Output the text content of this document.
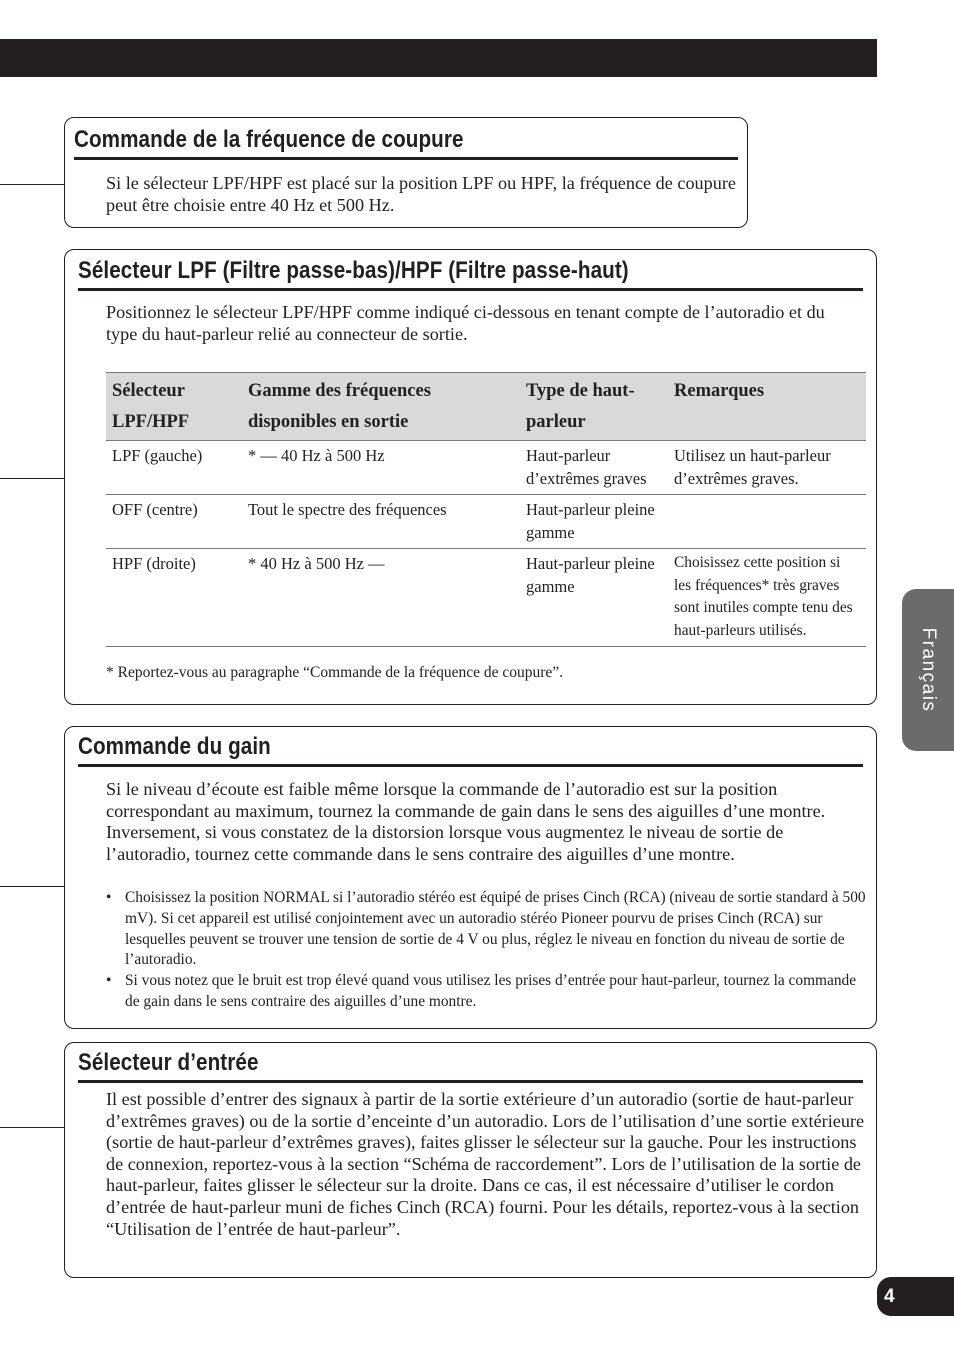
Commande de la fréquence de coupure

Si le sélecteur LPF/HPF est placé sur la position LPF ou HPF, la fréquence de coupure peut être choisie entre 40 Hz et 500 Hz.

Sélecteur LPF (Filtre passe-bas)/HPF (Filtre passe-haut)

Positionnez le sélecteur LPF/HPF comme indiqué ci-dessous en tenant compte de l’autoradio et du type du haut-parleur relié au connecteur de sortie.

Sélecteur LPF/HPF	Gamme des fréquences disponibles en sortie	Type de haut-parleur	Remarques
LPF (gauche)	* — 40 Hz à 500 Hz	Haut-parleur d’extrêmes graves	Utilisez un haut-parleur d’extrêmes graves.
OFF (centre)	Tout le spectre des fréquences	Haut-parleur pleine gamme	
HPF (droite)	* 40 Hz à 500 Hz —	Haut-parleur pleine gamme	Choisissez cette position si les fréquences* très graves sont inutiles compte tenu des haut-parleurs utilisés.

* Reportez-vous au paragraphe “Commande de la fréquence de coupure”.

Commande du gain

Si le niveau d’écoute est faible même lorsque la commande de l’autoradio est sur la position correspondant au maximum, tournez la commande de gain dans le sens des aiguilles d’une montre. Inversement, si vous constatez de la distorsion lorsque vous augmentez le niveau de sortie de l’autoradio, tournez cette commande dans le sens contraire des aiguilles d’une montre.

• Choisissez la position NORMAL si l’autoradio stéréo est équipé de prises Cinch (RCA) (niveau de sortie standard à 500 mV). Si cet appareil est utilisé conjointement avec un autoradio stéréo Pioneer pourvu de prises Cinch (RCA) sur lesquelles peuvent se trouver une tension de sortie de 4 V ou plus, réglez le niveau en fonction du niveau de sortie de l’autoradio.
• Si vous notez que le bruit est trop élevé quand vous utilisez les prises d’entrée pour haut-parleur, tournez la commande de gain dans le sens contraire des aiguilles d’une montre.
Sélecteur d’entrée

Il est possible d’entrer des signaux à partir de la sortie extérieure d’un autoradio (sortie de haut-parleur d’extrêmes graves) ou de la sortie d’enceinte d’un autoradio. Lors de l’utilisation d’une sortie extérieure (sortie de haut-parleur d’extrêmes graves), faites glisser le sélecteur sur la gauche. Pour les instructions de connexion, reportez-vous à la section “Schéma de raccordement”. Lors de l’utilisation de la sortie de haut-parleur, faites glisser le sélecteur sur la droite. Dans ce cas, il est nécessaire d’utiliser le cordon d’entrée de haut-parleur muni de fiches Cinch (RCA) fourni. Pour les détails, reportez-vous à la section “Utilisation de l’entrée de haut-parleur”.

Français
4
